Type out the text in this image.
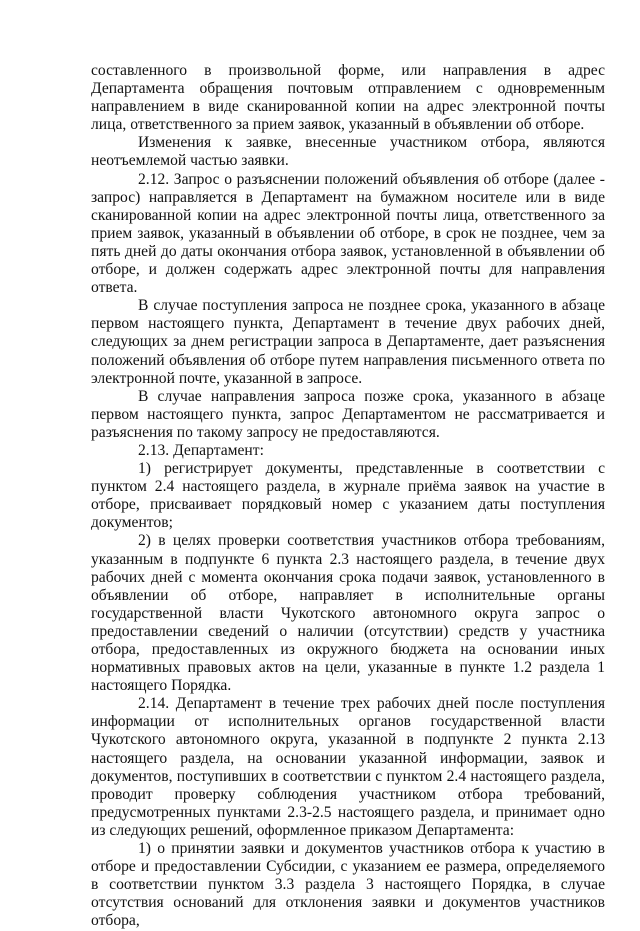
составленного в произвольной форме, или направления в адрес Департамента обращения почтовым отправлением с одновременным направлением в виде сканированной копии на адрес электронной почты лица, ответственного за прием заявок, указанный в объявлении об отборе.

Изменения к заявке, внесенные участником отбора, являются неотъемлемой частью заявки.

2.12. Запрос о разъяснении положений объявления об отборе (далее - запрос) направляется в Департамент на бумажном носителе или в виде сканированной копии на адрес электронной почты лица, ответственного за прием заявок, указанный в объявлении об отборе, в срок не позднее, чем за пять дней до даты окончания отбора заявок, установленной в объявлении об отборе, и должен содержать адрес электронной почты для направления ответа.

В случае поступления запроса не позднее срока, указанного в абзаце первом настоящего пункта, Департамент в течение двух рабочих дней, следующих за днем регистрации запроса в Департаменте, дает разъяснения положений объявления об отборе путем направления письменного ответа по электронной почте, указанной в запросе.

В случае направления запроса позже срока, указанного в абзаце первом настоящего пункта, запрос Департаментом не рассматривается и разъяснения по такому запросу не предоставляются.

2.13. Департамент:

1) регистрирует документы, представленные в соответствии с пунктом 2.4 настоящего раздела, в журнале приёма заявок на участие в отборе, присваивает порядковый номер с указанием даты поступления документов;

2) в целях проверки соответствия участников отбора требованиям, указанным в подпункте 6 пункта 2.3 настоящего раздела, в течение двух рабочих дней с момента окончания срока подачи заявок, установленного в объявлении об отборе, направляет в исполнительные органы государственной власти Чукотского автономного округа запрос о предоставлении сведений о наличии (отсутствии) средств у участника отбора, предоставленных из окружного бюджета на основании иных нормативных правовых актов на цели, указанные в пункте 1.2 раздела 1 настоящего Порядка.

2.14. Департамент в течение трех рабочих дней после поступления информации от исполнительных органов государственной власти Чукотского автономного округа, указанной в подпункте 2 пункта 2.13 настоящего раздела, на основании указанной информации, заявок и документов, поступивших в соответствии с пунктом 2.4 настоящего раздела, проводит проверку соблюдения участником отбора требований, предусмотренных пунктами 2.3-2.5 настоящего раздела, и принимает одно из следующих решений, оформленное приказом Департамента:

1) о принятии заявки и документов участников отбора к участию в отборе и предоставлении Субсидии, с указанием ее размера, определяемого в соответствии пунктом 3.3 раздела 3 настоящего Порядка, в случае отсутствия оснований для отклонения заявки и документов участников отбора,
